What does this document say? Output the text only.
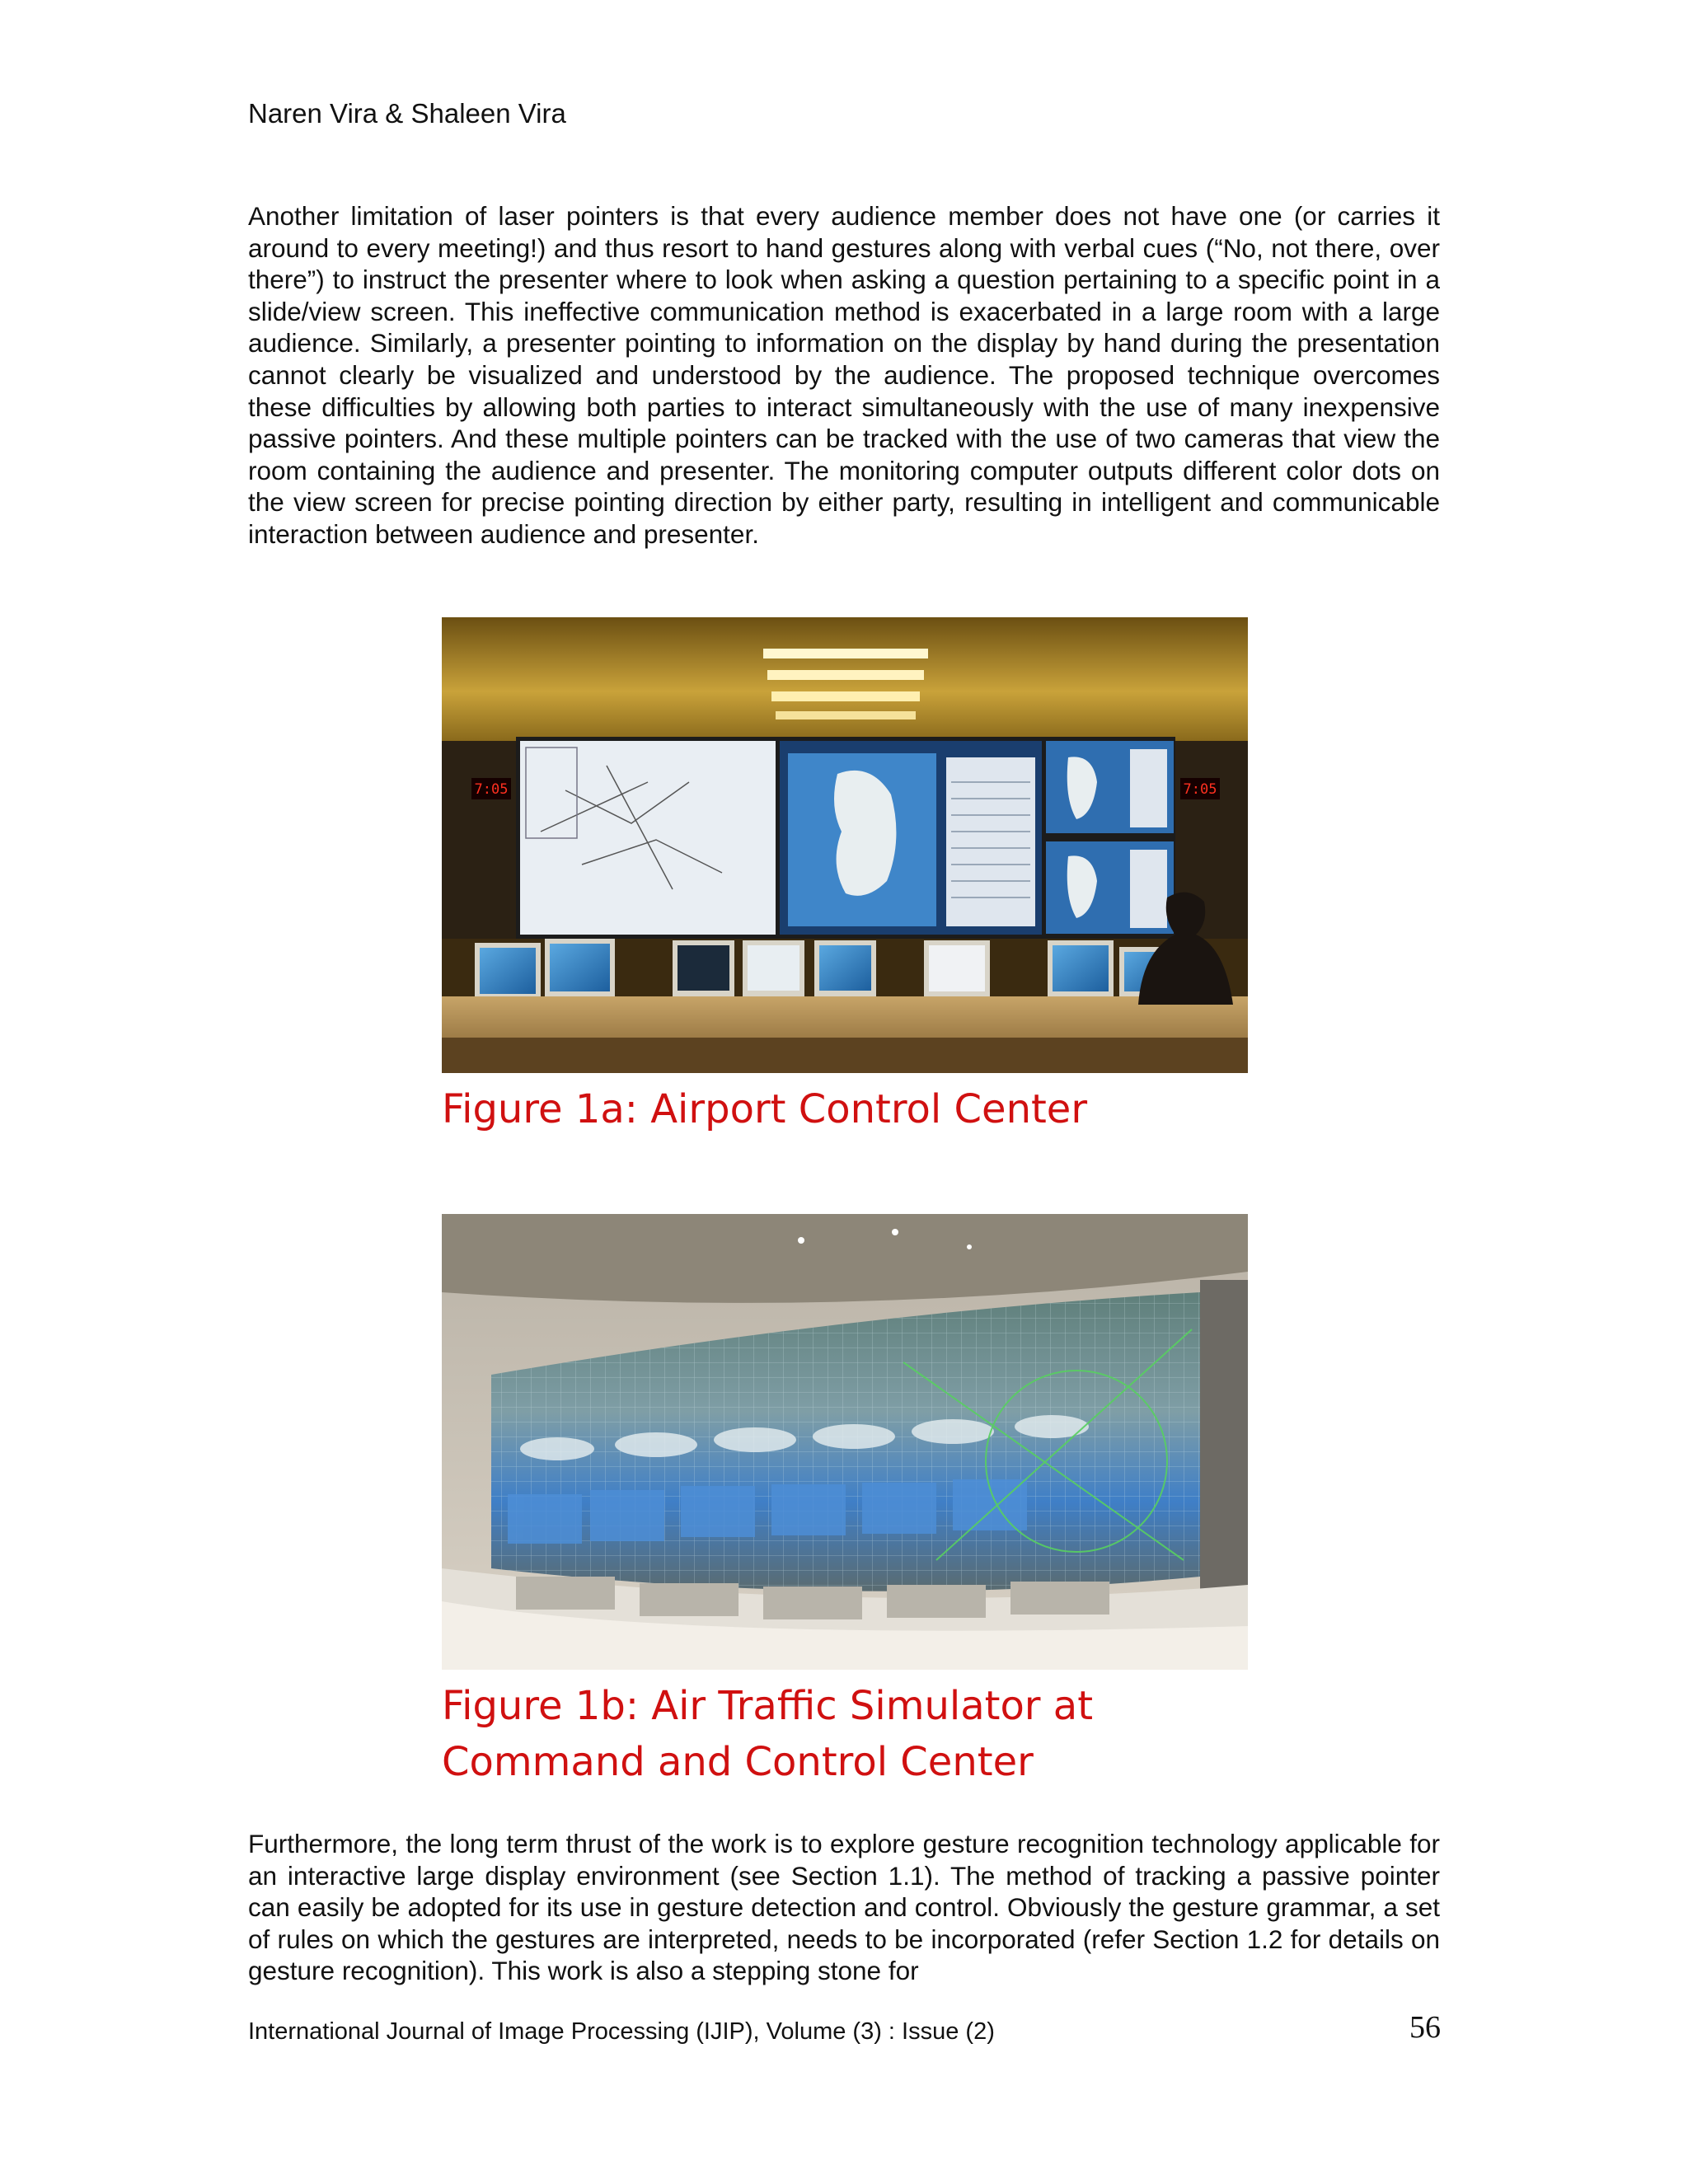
Naren Vira & Shaleen Vira

Another limitation of laser pointers is that every audience member does not have one (or carries it around to every meeting!) and thus resort to hand gestures along with verbal cues (“No, not there, over there”) to instruct the presenter where to look when asking a question pertaining to a specific point in a slide/view screen. This ineffective communication method is exacerbated in a large room with a large audience. Similarly, a presenter pointing to information on the display by hand during the presentation cannot clearly be visualized and understood by the audience. The proposed technique overcomes these difficulties by allowing both parties to interact simultaneously with the use of many inexpensive passive pointers. And these multiple pointers can be tracked with the use of two cameras that view the room containing the audience and presenter. The monitoring computer outputs different color dots on the view screen for precise pointing direction by either party, resulting in intelligent and communicable interaction between audience and presenter.

7:05	7:05
Figure 1a: Airport Control Center
Figure 1b: Air Traffic Simulator at
Command and Control Center

Furthermore, the long term thrust of the work is to explore gesture recognition technology applicable for an interactive large display environment (see Section 1.1). The method of tracking a passive pointer can easily be adopted for its use in gesture detection and control. Obviously the gesture grammar, a set of rules on which the gestures are interpreted, needs to be incorporated (refer Section 1.2 for details on gesture recognition). This work is also a stepping stone for

International Journal of Image Processing (IJIP), Volume (3) : Issue (2)	56
